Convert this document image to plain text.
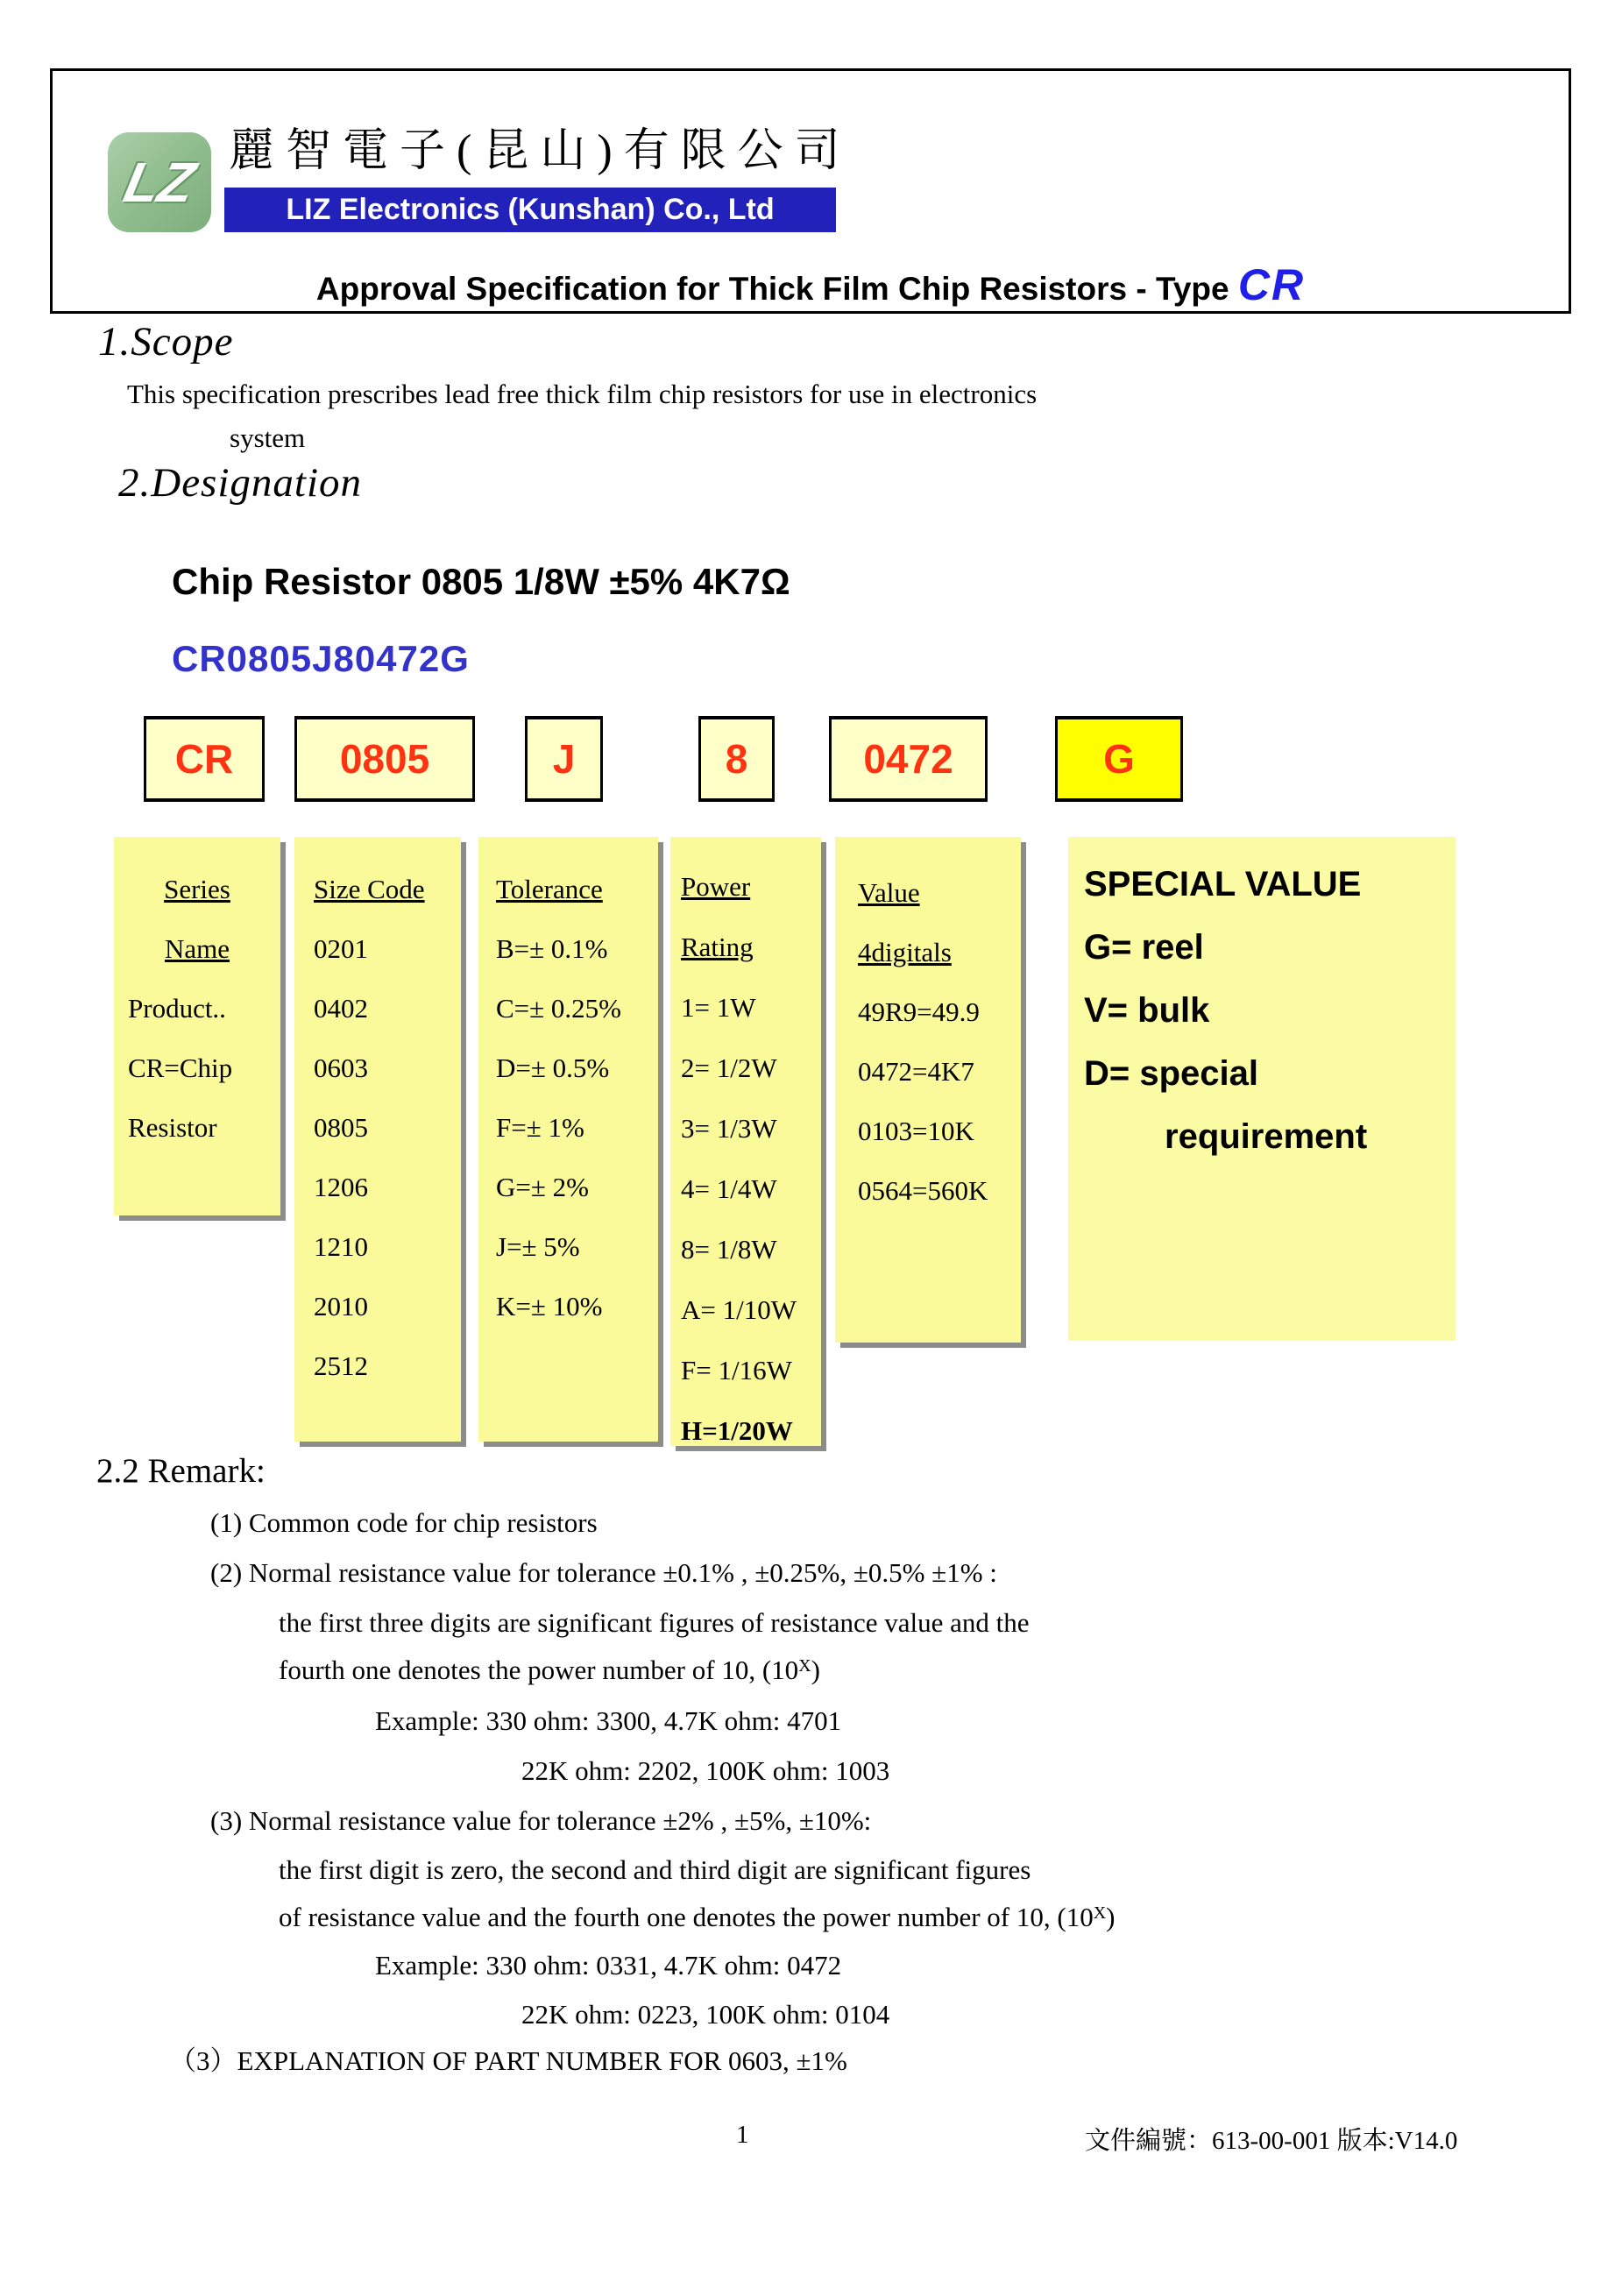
LZ 麗智電子(昆山)有限公司
LIZ Electronics (Kunshan) Co., Ltd
Approval Specification for Thick Film Chip Resistors - Type CR
1.Scope
This specification prescribes lead free thick film chip resistors for use in electronics
system
2.Designation
Chip Resistor 0805 1/8W ±5% 4K7Ω
CR0805J80472G
CR	0805	J	8	0472	G
Series
Name
Product..
CR=Chip
Resistor
Size Code
0201
0402
0603
0805
1206
1210
2010
2512
Tolerance
B=± 0.1%
C=± 0.25%
D=± 0.5%
F=± 1%
G=± 2%
J=± 5%
K=± 10%
Power Rating
1= 1W
2= 1/2W
3= 1/3W
4= 1/4W
8= 1/8W
A= 1/10W
F= 1/16W
H=1/20W
Value
4digitals
49R9=49.9
0472=4K7
0103=10K
0564=560K
SPECIAL VALUE
G= reel
V= bulk
D= special
requirement
2.2 Remark:
(1) Common code for chip resistors
(2) Normal resistance value for tolerance ±0.1% , ±0.25%, ±0.5% ±1% :
the first three digits are significant figures of resistance value and the
fourth one denotes the power number of 10, $(10^X)$
Example: 330 ohm: 3300, 4.7K ohm: 4701
22K ohm: 2202, 100K ohm: 1003
(3) Normal resistance value for tolerance ±2% , ±5%, ±10%:
the first digit is zero, the second and third digit are significant figures
of resistance value and the fourth one denotes the power number of 10, $(10^X)$
Example: 330 ohm: 0331, 4.7K ohm: 0472
22K ohm: 0223, 100K ohm: 0104
（3）EXPLANATION OF PART NUMBER FOR 0603, ±1%
1	文件編號：613-00-001 版本:V14.0
